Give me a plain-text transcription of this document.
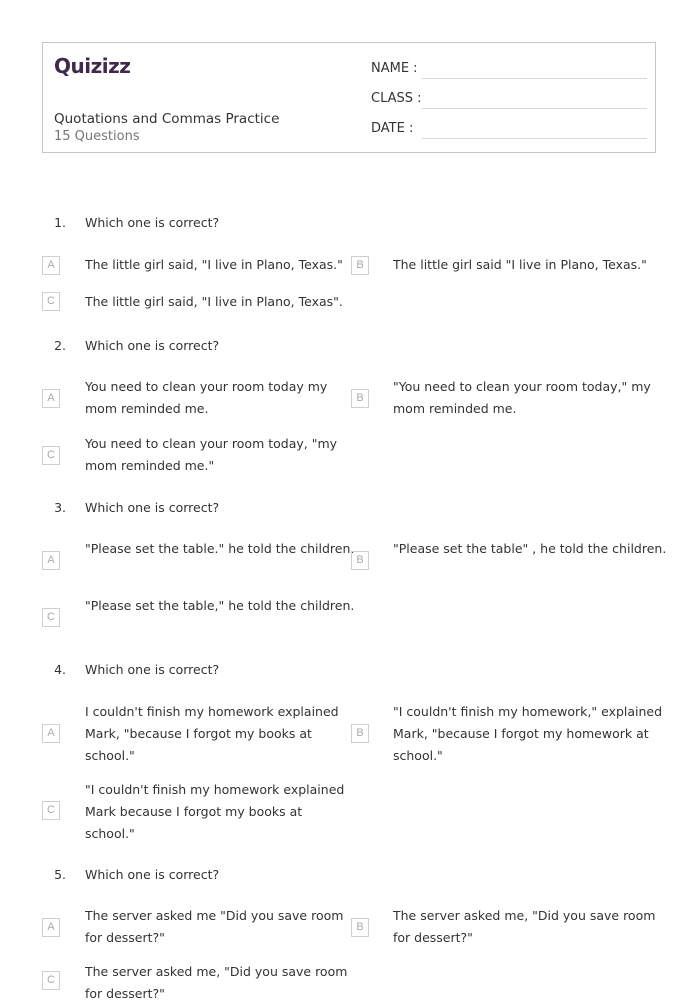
Quizizz
Quotations and Commas Practice
15 Questions
NAME :
CLASS :
DATE :
1. Which one is correct?
A	The little girl said, "I live in Plano, Texas."	B	The little girl said "I live in Plano, Texas."
C	The little girl said, "I live in Plano, Texas".
2. Which one is correct?
A
You need to clean your room today my mom reminded me.
B
"You need to clean your room today," my mom reminded me.
C
You need to clean your room today, "my mom reminded me."
3. Which one is correct?
A
"Please set the table." he told the children.
B
"Please set the table" , he told the children.
C
"Please set the table," he told the children.
4. Which one is correct?
A
I couldn't finish my homework explained Mark, "because I forgot my books at school."
B
"I couldn't finish my homework," explained Mark, "because I forgot my homework at school."
C
"I couldn't finish my homework explained Mark because I forgot my books at school."
5. Which one is correct?
A
The server asked me "Did you save room for dessert?"
B
The server asked me, "Did you save room for dessert?"
C
The server asked me, "Did you save room for dessert?"
